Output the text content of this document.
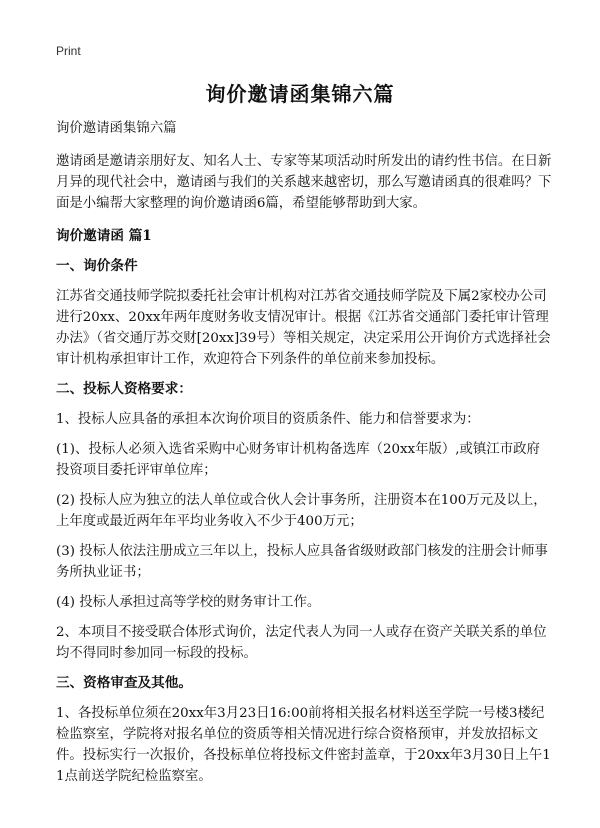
Print
询价邀请函集锦六篇

询价邀请函集锦六篇

邀请函是邀请亲朋好友、知名人士、专家等某项活动时所发出的请约性书信。在日新月异的现代社会中，邀请函与我们的关系越来越密切，那么写邀请函真的很难吗？下面是小编帮大家整理的询价邀请函6篇，希望能够帮助到大家。

询价邀请函 篇1

一、询价条件

江苏省交通技师学院拟委托社会审计机构对江苏省交通技师学院及下属2家校办公司进行20xx、20xx年两年度财务收支情况审计。根据《江苏省交通部门委托审计管理办法》（省交通厅苏交财[20xx]39号）等相关规定，决定采用公开询价方式选择社会审计机构承担审计工作，欢迎符合下列条件的单位前来参加投标。

二、投标人资格要求：

1、投标人应具备的承担本次询价项目的资质条件、能力和信誉要求为：

(1)、投标人必须入选省采购中心财务审计机构备选库（20xx年版）,或镇江市政府投资项目委托评审单位库；

(2) 投标人应为独立的法人单位或合伙人会计事务所，注册资本在100万元及以上，上年度或最近两年年平均业务收入不少于400万元；

(3) 投标人依法注册成立三年以上，投标人应具备省级财政部门核发的注册会计师事务所执业证书；

(4) 投标人承担过高等学校的财务审计工作。

2、本项目不接受联合体形式询价，法定代表人为同一人或存在资产关联关系的单位均不得同时参加同一标段的投标。

三、资格审查及其他。

1、各投标单位须在20xx年3月23日16:00前将相关报名材料送至学院一号楼3楼纪检监察室，学院将对报名单位的资质等相关情况进行综合资格预审，并发放招标文件。投标实行一次报价，各投标单位将投标文件密封盖章，于20xx年3月30日上午11点前送学院纪检监察室。
